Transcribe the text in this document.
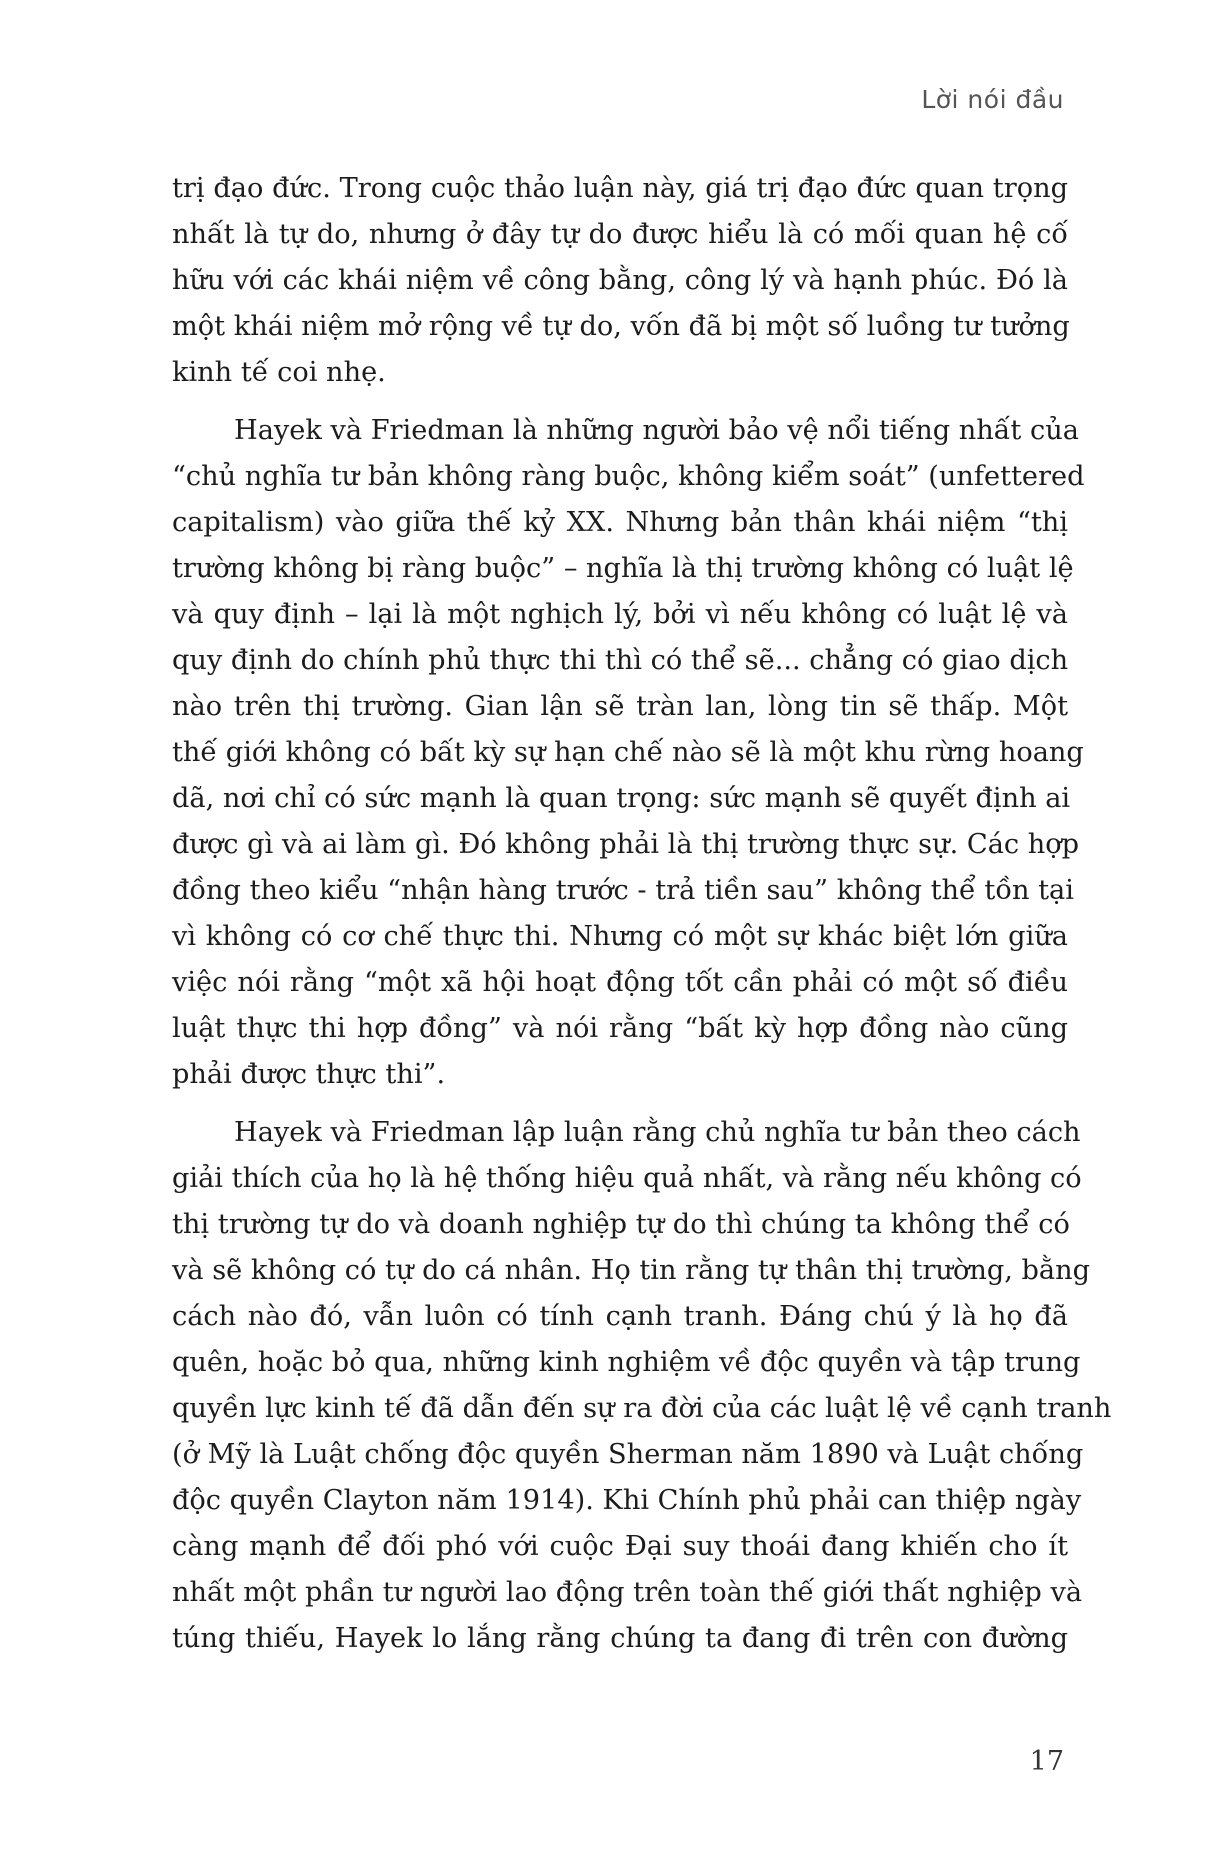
Lời nói đầu

trị đạo đức. Trong cuộc thảo luận này, giá trị đạo đức quan trọng
nhất là tự do, nhưng ở đây tự do được hiểu là có mối quan hệ cố
hữu với các khái niệm về công bằng, công lý và hạnh phúc. Đó là
một khái niệm mở rộng về tự do, vốn đã bị một số luồng tư tưởng
kinh tế coi nhẹ.

Hayek và Friedman là những người bảo vệ nổi tiếng nhất của
“chủ nghĩa tư bản không ràng buộc, không kiểm soát” (unfettered
capitalism) vào giữa thế kỷ XX. Nhưng bản thân khái niệm “thị
trường không bị ràng buộc” – nghĩa là thị trường không có luật lệ
và quy định – lại là một nghịch lý, bởi vì nếu không có luật lệ và
quy định do chính phủ thực thi thì có thể sẽ... chẳng có giao dịch
nào trên thị trường. Gian lận sẽ tràn lan, lòng tin sẽ thấp. Một
thế giới không có bất kỳ sự hạn chế nào sẽ là một khu rừng hoang
dã, nơi chỉ có sức mạnh là quan trọng: sức mạnh sẽ quyết định ai
được gì và ai làm gì. Đó không phải là thị trường thực sự. Các hợp
đồng theo kiểu “nhận hàng trước - trả tiền sau” không thể tồn tại
vì không có cơ chế thực thi. Nhưng có một sự khác biệt lớn giữa
việc nói rằng “một xã hội hoạt động tốt cần phải có một số điều
luật thực thi hợp đồng” và nói rằng “bất kỳ hợp đồng nào cũng
phải được thực thi”.

Hayek và Friedman lập luận rằng chủ nghĩa tư bản theo cách
giải thích của họ là hệ thống hiệu quả nhất, và rằng nếu không có
thị trường tự do và doanh nghiệp tự do thì chúng ta không thể có
và sẽ không có tự do cá nhân. Họ tin rằng tự thân thị trường, bằng
cách nào đó, vẫn luôn có tính cạnh tranh. Đáng chú ý là họ đã
quên, hoặc bỏ qua, những kinh nghiệm về độc quyền và tập trung
quyền lực kinh tế đã dẫn đến sự ra đời của các luật lệ về cạnh tranh
(ở Mỹ là Luật chống độc quyền Sherman năm 1890 và Luật chống
độc quyền Clayton năm 1914). Khi Chính phủ phải can thiệp ngày
càng mạnh để đối phó với cuộc Đại suy thoái đang khiến cho ít
nhất một phần tư người lao động trên toàn thế giới thất nghiệp và
túng thiếu, Hayek lo lắng rằng chúng ta đang đi trên con đường

17
